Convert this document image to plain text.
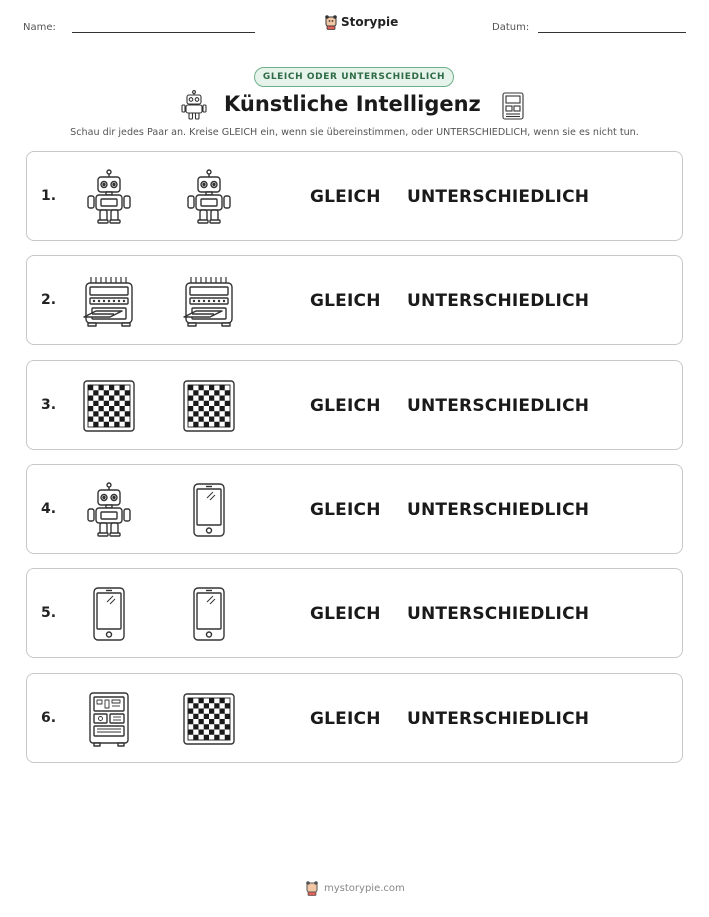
Name:	Storypie	Datum:
GLEICH ODER UNTERSCHIEDLICH
Künstliche Intelligenz
Schau dir jedes Paar an. Kreise GLEICH ein, wenn sie übereinstimmen, oder UNTERSCHIEDLICH, wenn sie es nicht tun.
1.	GLEICH UNTERSCHIEDLICH
2.	GLEICH UNTERSCHIEDLICH
3.	GLEICH UNTERSCHIEDLICH
4.	GLEICH UNTERSCHIEDLICH
5.	GLEICH UNTERSCHIEDLICH
6.	GLEICH UNTERSCHIEDLICH
mystorypie.com
